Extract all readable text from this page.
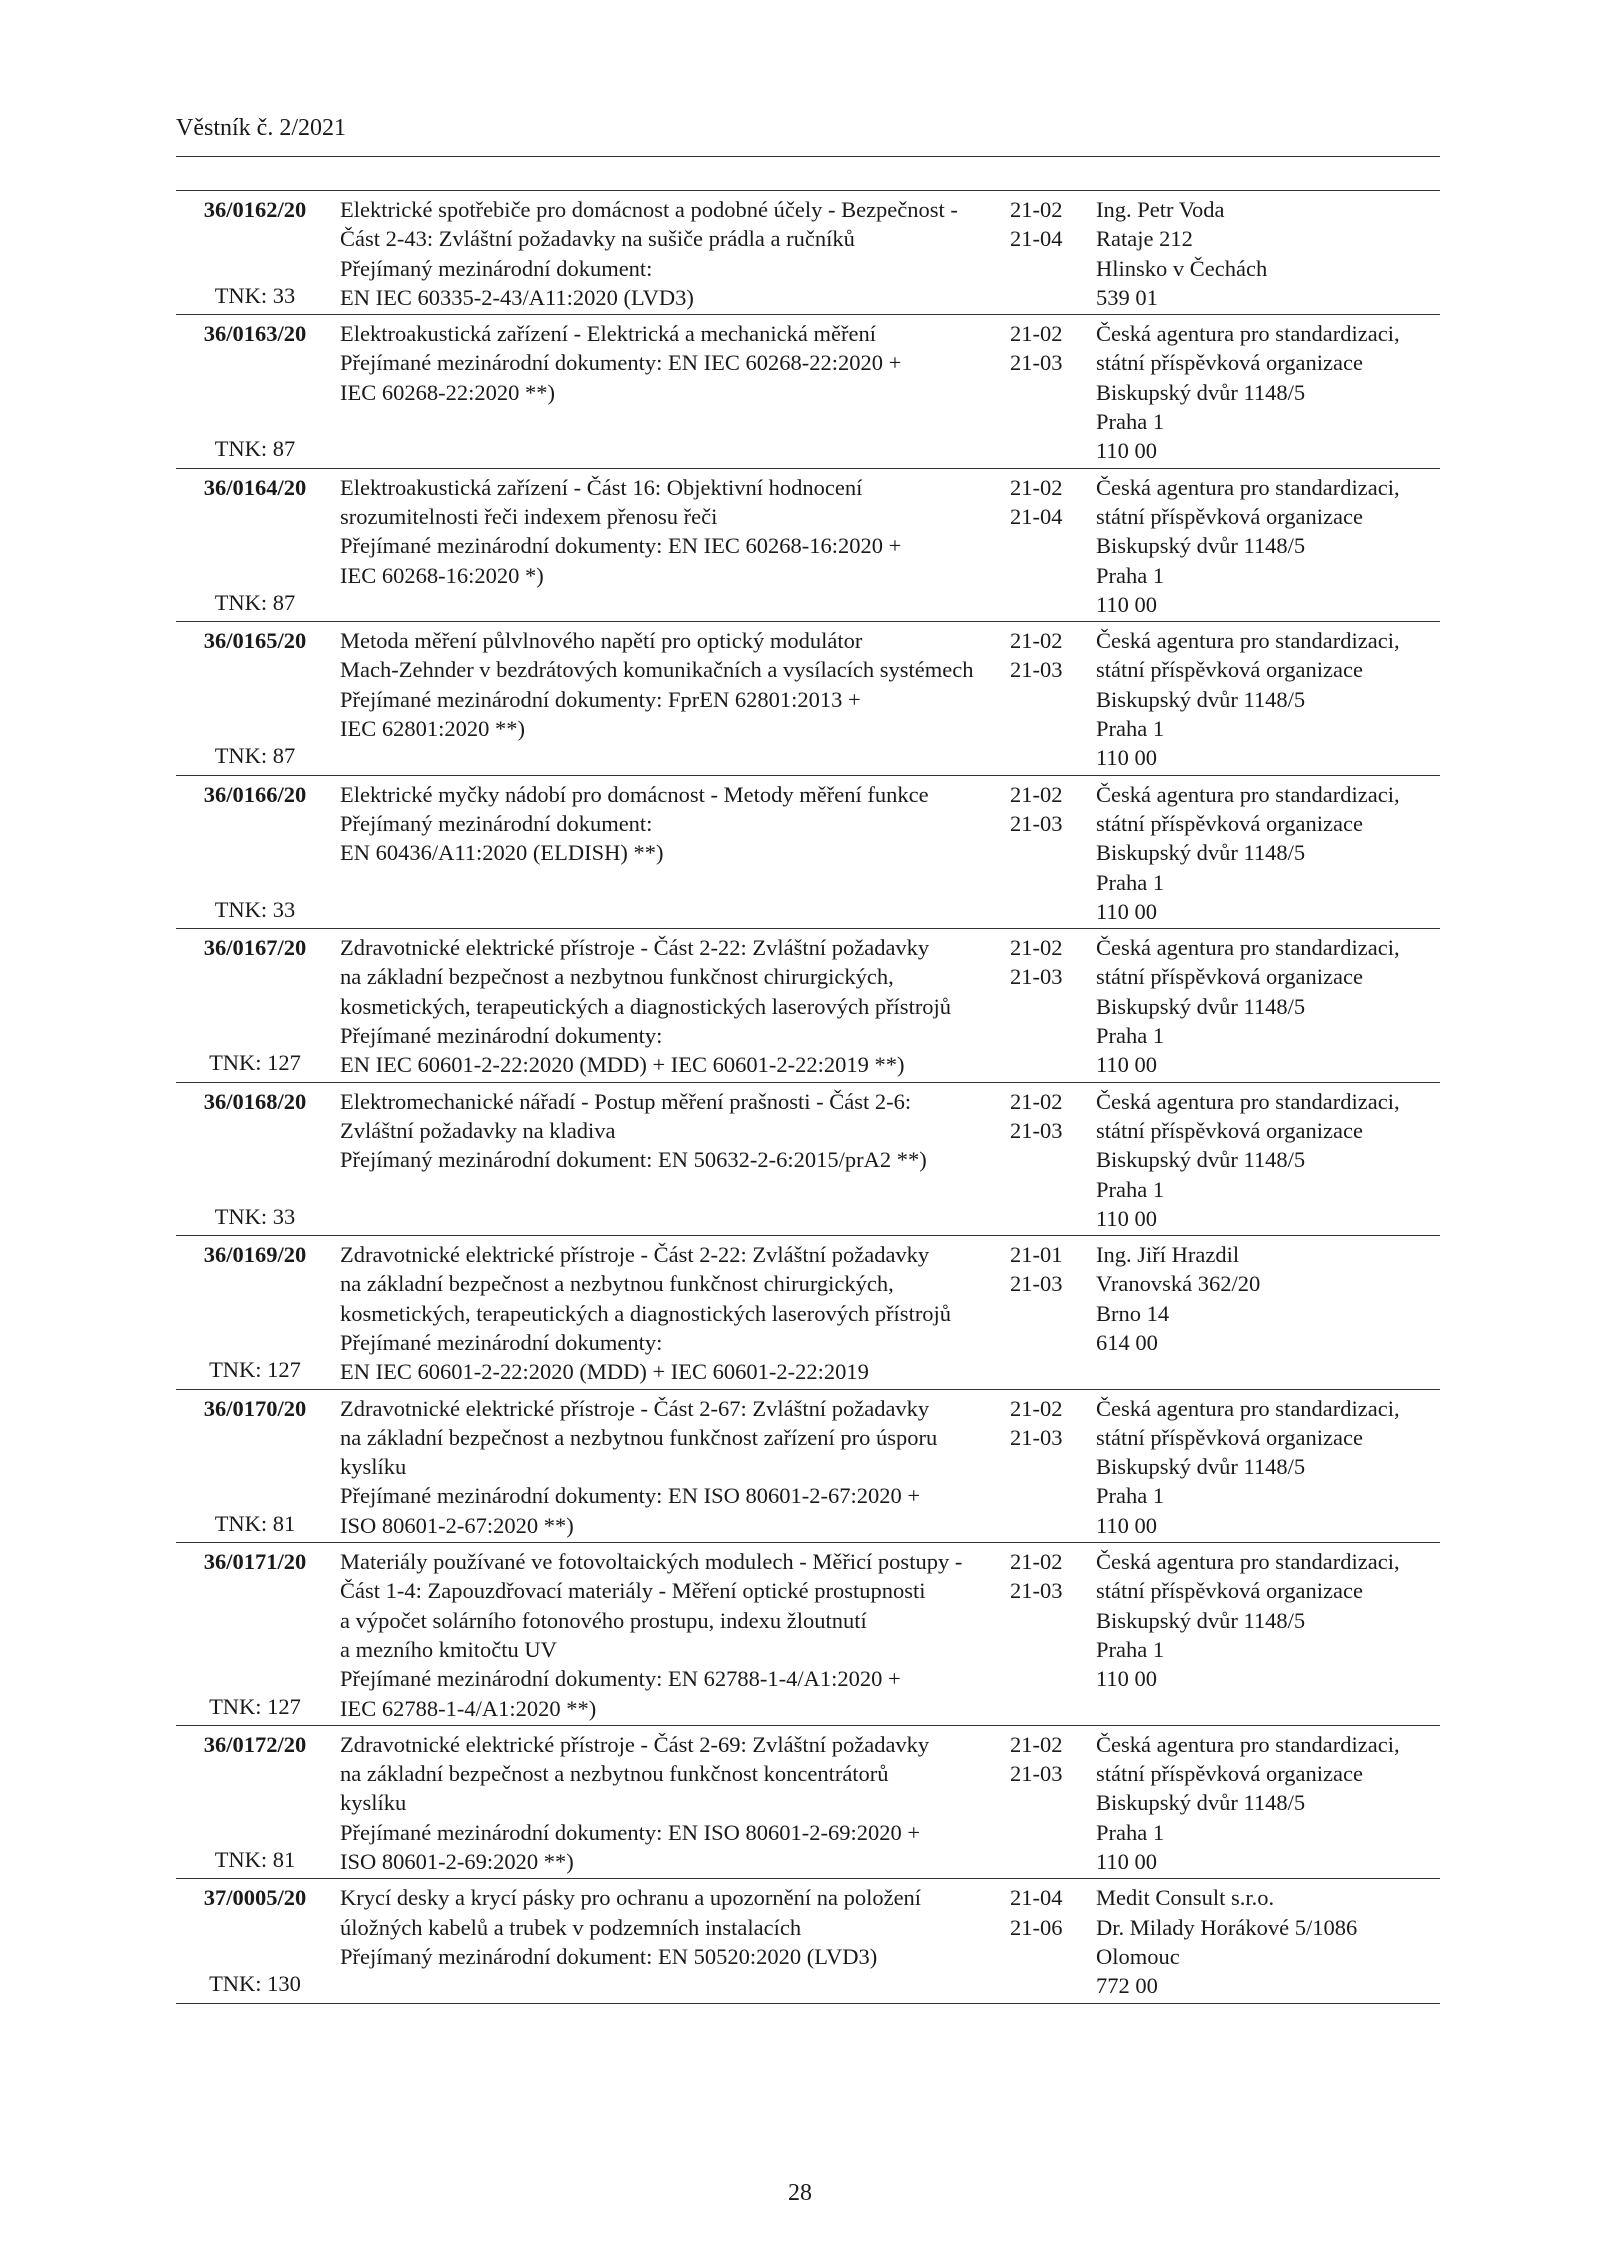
Věstník č. 2/2021
36/0162/20
TNK: 33
Elektrické spotřebiče pro domácnost a podobné účely - Bezpečnost -
Část 2-43: Zvláštní požadavky na sušiče prádla a ručníků
Přejímaný mezinárodní dokument:
EN IEC 60335-2-43/A11:2020 (LVD3)
21-02
21-04
Ing. Petr Voda
Rataje 212
Hlinsko v Čechách
539 01
36/0163/20
TNK: 87
Elektroakustická zařízení - Elektrická a mechanická měření
Přejímané mezinárodní dokumenty: EN IEC 60268-22:2020 +
IEC 60268-22:2020 **)
21-02
21-03
Česká agentura pro standardizaci,
státní příspěvková organizace
Biskupský dvůr 1148/5
Praha 1
110 00
36/0164/20
TNK: 87
Elektroakustická zařízení - Část 16: Objektivní hodnocení
srozumitelnosti řeči indexem přenosu řeči
Přejímané mezinárodní dokumenty: EN IEC 60268-16:2020 +
IEC 60268-16:2020 *)
21-02
21-04
Česká agentura pro standardizaci,
státní příspěvková organizace
Biskupský dvůr 1148/5
Praha 1
110 00
36/0165/20
TNK: 87
Metoda měření půlvlnového napětí pro optický modulátor
Mach-Zehnder v bezdrátových komunikačních a vysílacích systémech
Přejímané mezinárodní dokumenty: FprEN 62801:2013 +
IEC 62801:2020 **)
21-02
21-03
Česká agentura pro standardizaci,
státní příspěvková organizace
Biskupský dvůr 1148/5
Praha 1
110 00
36/0166/20
TNK: 33
Elektrické myčky nádobí pro domácnost - Metody měření funkce
Přejímaný mezinárodní dokument:
EN 60436/A11:2020 (ELDISH) **)
21-02
21-03
Česká agentura pro standardizaci,
státní příspěvková organizace
Biskupský dvůr 1148/5
Praha 1
110 00
36/0167/20
TNK: 127
Zdravotnické elektrické přístroje - Část 2-22: Zvláštní požadavky
na základní bezpečnost a nezbytnou funkčnost chirurgických,
kosmetických, terapeutických a diagnostických laserových přístrojů
Přejímané mezinárodní dokumenty:
EN IEC 60601-2-22:2020 (MDD) + IEC 60601-2-22:2019 **)
21-02
21-03
Česká agentura pro standardizaci,
státní příspěvková organizace
Biskupský dvůr 1148/5
Praha 1
110 00
36/0168/20
TNK: 33
Elektromechanické nářadí - Postup měření prašnosti - Část 2-6:
Zvláštní požadavky na kladiva
Přejímaný mezinárodní dokument: EN 50632-2-6:2015/prA2 **)
21-02
21-03
Česká agentura pro standardizaci,
státní příspěvková organizace
Biskupský dvůr 1148/5
Praha 1
110 00
36/0169/20
TNK: 127
Zdravotnické elektrické přístroje - Část 2-22: Zvláštní požadavky
na základní bezpečnost a nezbytnou funkčnost chirurgických,
kosmetických, terapeutických a diagnostických laserových přístrojů
Přejímané mezinárodní dokumenty:
EN IEC 60601-2-22:2020 (MDD) + IEC 60601-2-22:2019
21-01
21-03
Ing. Jiří Hrazdil
Vranovská 362/20
Brno 14
614 00
36/0170/20
TNK: 81
Zdravotnické elektrické přístroje - Část 2-67: Zvláštní požadavky
na základní bezpečnost a nezbytnou funkčnost zařízení pro úsporu
kyslíku
Přejímané mezinárodní dokumenty: EN ISO 80601-2-67:2020 +
ISO 80601-2-67:2020 **)
21-02
21-03
Česká agentura pro standardizaci,
státní příspěvková organizace
Biskupský dvůr 1148/5
Praha 1
110 00
36/0171/20
TNK: 127
Materiály používané ve fotovoltaických modulech - Měřicí postupy -
Část 1-4: Zapouzdřovací materiály - Měření optické prostupnosti
a výpočet solárního fotonového prostupu, indexu žloutnutí
a mezního kmitočtu UV
Přejímané mezinárodní dokumenty: EN 62788-1-4/A1:2020 +
IEC 62788-1-4/A1:2020 **)
21-02
21-03
Česká agentura pro standardizaci,
státní příspěvková organizace
Biskupský dvůr 1148/5
Praha 1
110 00
36/0172/20
TNK: 81
Zdravotnické elektrické přístroje - Část 2-69: Zvláštní požadavky
na základní bezpečnost a nezbytnou funkčnost koncentrátorů
kyslíku
Přejímané mezinárodní dokumenty: EN ISO 80601-2-69:2020 +
ISO 80601-2-69:2020 **)
21-02
21-03
Česká agentura pro standardizaci,
státní příspěvková organizace
Biskupský dvůr 1148/5
Praha 1
110 00
37/0005/20
TNK: 130
Krycí desky a krycí pásky pro ochranu a upozornění na položení
úložných kabelů a trubek v podzemních instalacích
Přejímaný mezinárodní dokument: EN 50520:2020 (LVD3)
21-04
21-06
Medit Consult s.r.o.
Dr. Milady Horákové 5/1086
Olomouc
772 00
28
